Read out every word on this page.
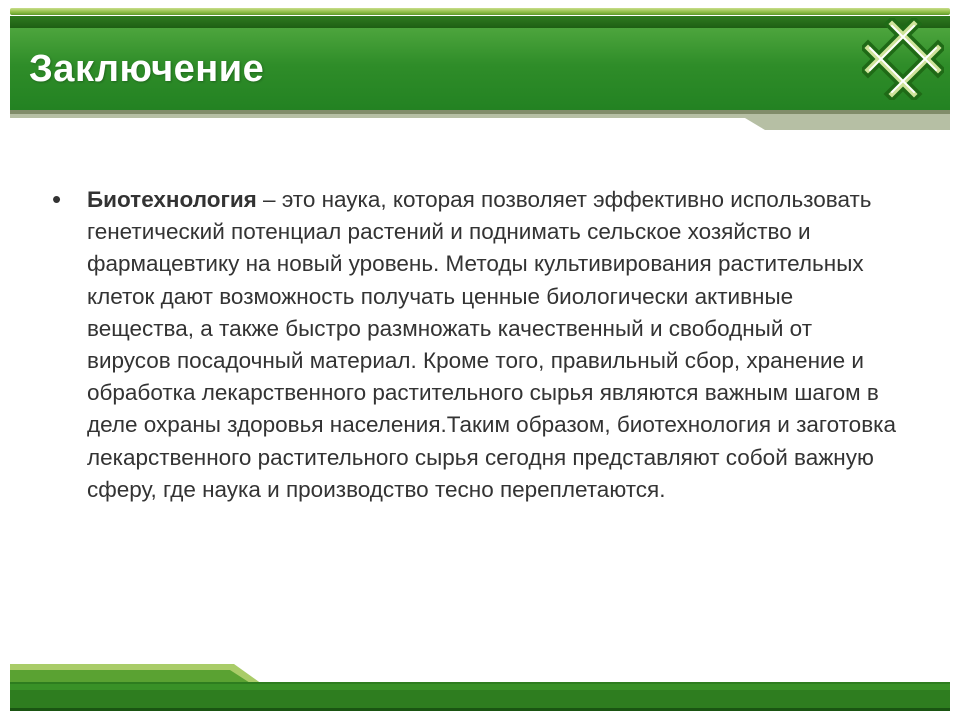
Заключение
• Биотехнология – это наука, которая позволяет эффективно использовать генетический потенциал растений и поднимать сельское хозяйство и фармацевтику на новый уровень. Методы культивирования растительных клеток дают возможность получать ценные биологически активные вещества, а также быстро размножать качественный и свободный от вирусов посадочный материал. Кроме того, правильный сбор, хранение и обработка лекарственного растительного сырья являются важным шагом в деле охраны здоровья населения.Таким образом, биотехнология и заготовка лекарственного растительного сырья сегодня представляют собой важную сферу, где наука и производство тесно переплетаются.
